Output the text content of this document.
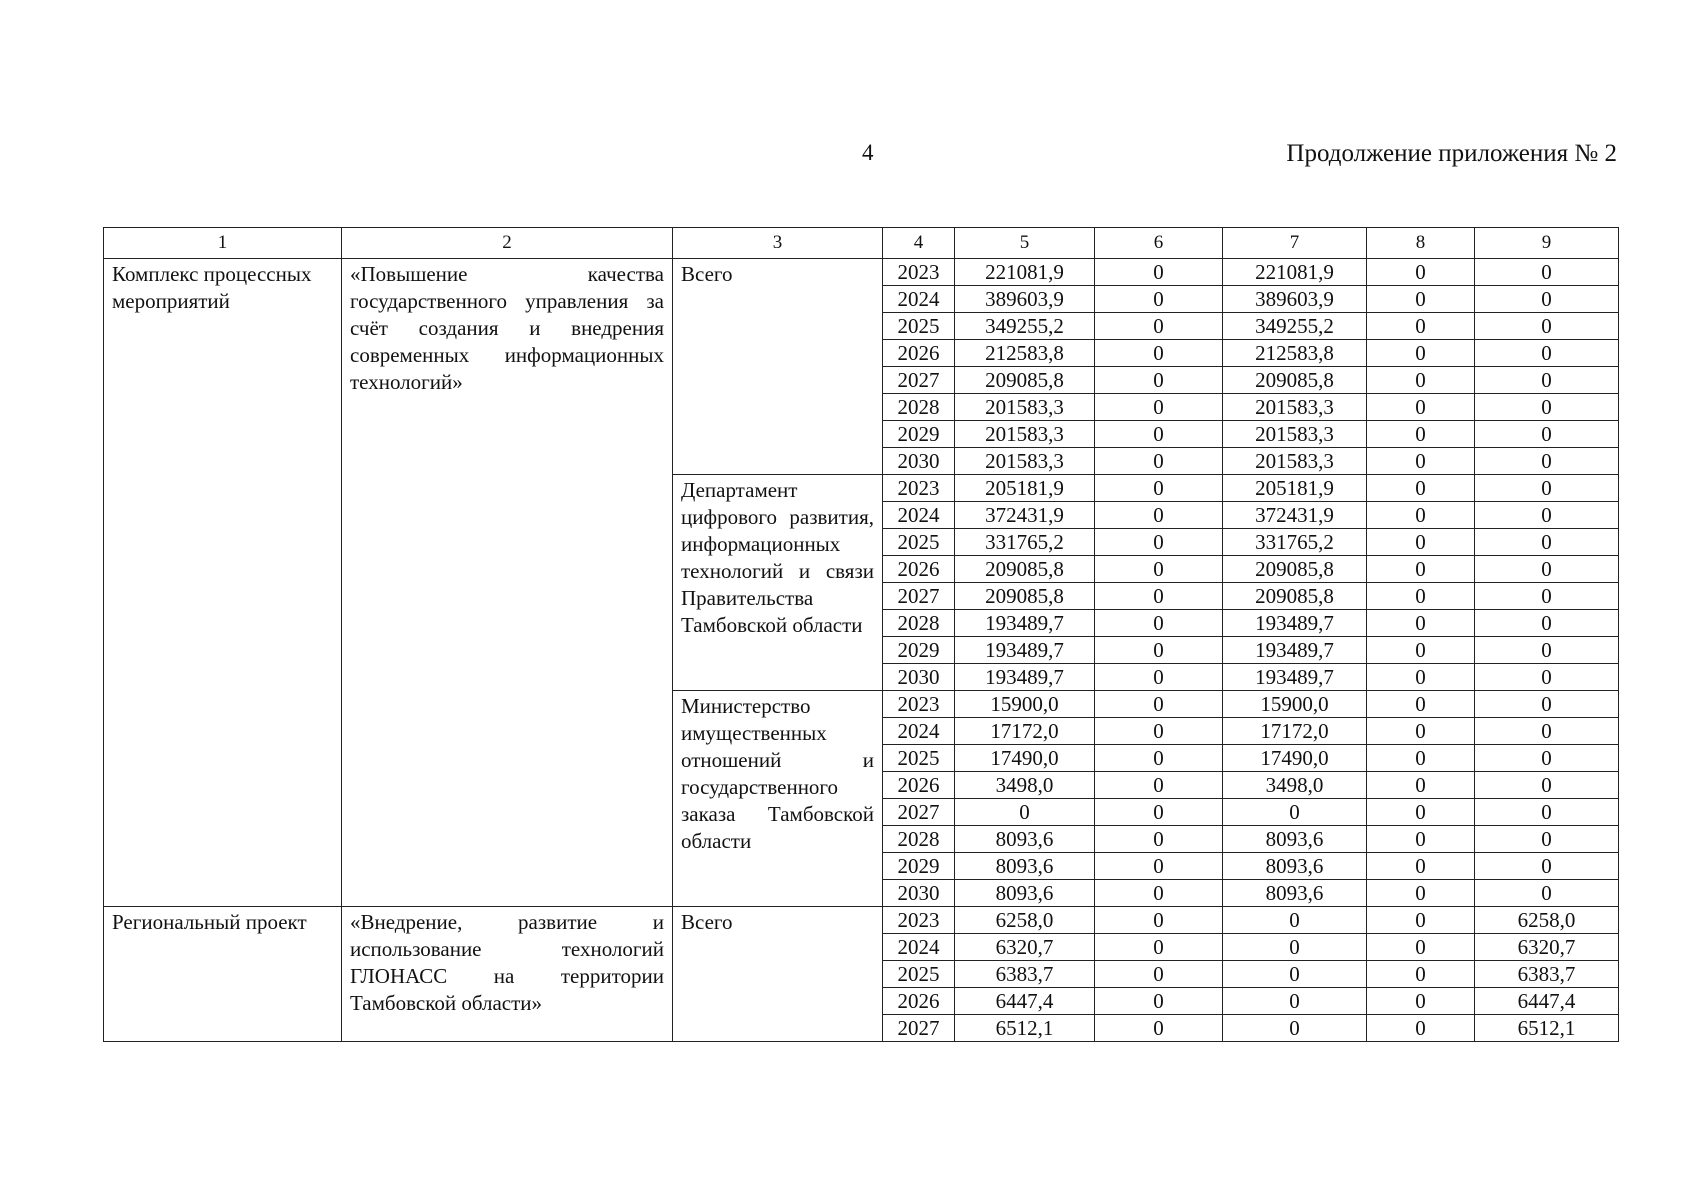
4	Продолжение приложения № 2
1	2	3	4	5	6	7	8	9
Комплекс процессных мероприятий	«Повышение качества государственного управления за счёт создания и внедрения современных информационных технологий»	Всего	2023	221081,9	0	221081,9	0	0
			2024	389603,9	0	389603,9	0	0
			2025	349255,2	0	349255,2	0	0
			2026	212583,8	0	212583,8	0	0
			2027	209085,8	0	209085,8	0	0
			2028	201583,3	0	201583,3	0	0
			2029	201583,3	0	201583,3	0	0
			2030	201583,3	0	201583,3	0	0
		Департамент цифрового развития, информационных технологий и связи Правительства Тамбовской области	2023	205181,9	0	205181,9	0	0
			2024	372431,9	0	372431,9	0	0
			2025	331765,2	0	331765,2	0	0
			2026	209085,8	0	209085,8	0	0
			2027	209085,8	0	209085,8	0	0
			2028	193489,7	0	193489,7	0	0
			2029	193489,7	0	193489,7	0	0
			2030	193489,7	0	193489,7	0	0
		Министерство имущественных отношений и государственного заказа Тамбовской области	2023	15900,0	0	15900,0	0	0
			2024	17172,0	0	17172,0	0	0
			2025	17490,0	0	17490,0	0	0
			2026	3498,0	0	3498,0	0	0
			2027	0	0	0	0	0
			2028	8093,6	0	8093,6	0	0
			2029	8093,6	0	8093,6	0	0
			2030	8093,6	0	8093,6	0	0
Региональный проект	«Внедрение, развитие и использование технологий ГЛОНАСС на территории Тамбовской области»	Всего	2023	6258,0	0	0	0	6258,0
			2024	6320,7	0	0	0	6320,7
			2025	6383,7	0	0	0	6383,7
			2026	6447,4	0	0	0	6447,4
			2027	6512,1	0	0	0	6512,1
